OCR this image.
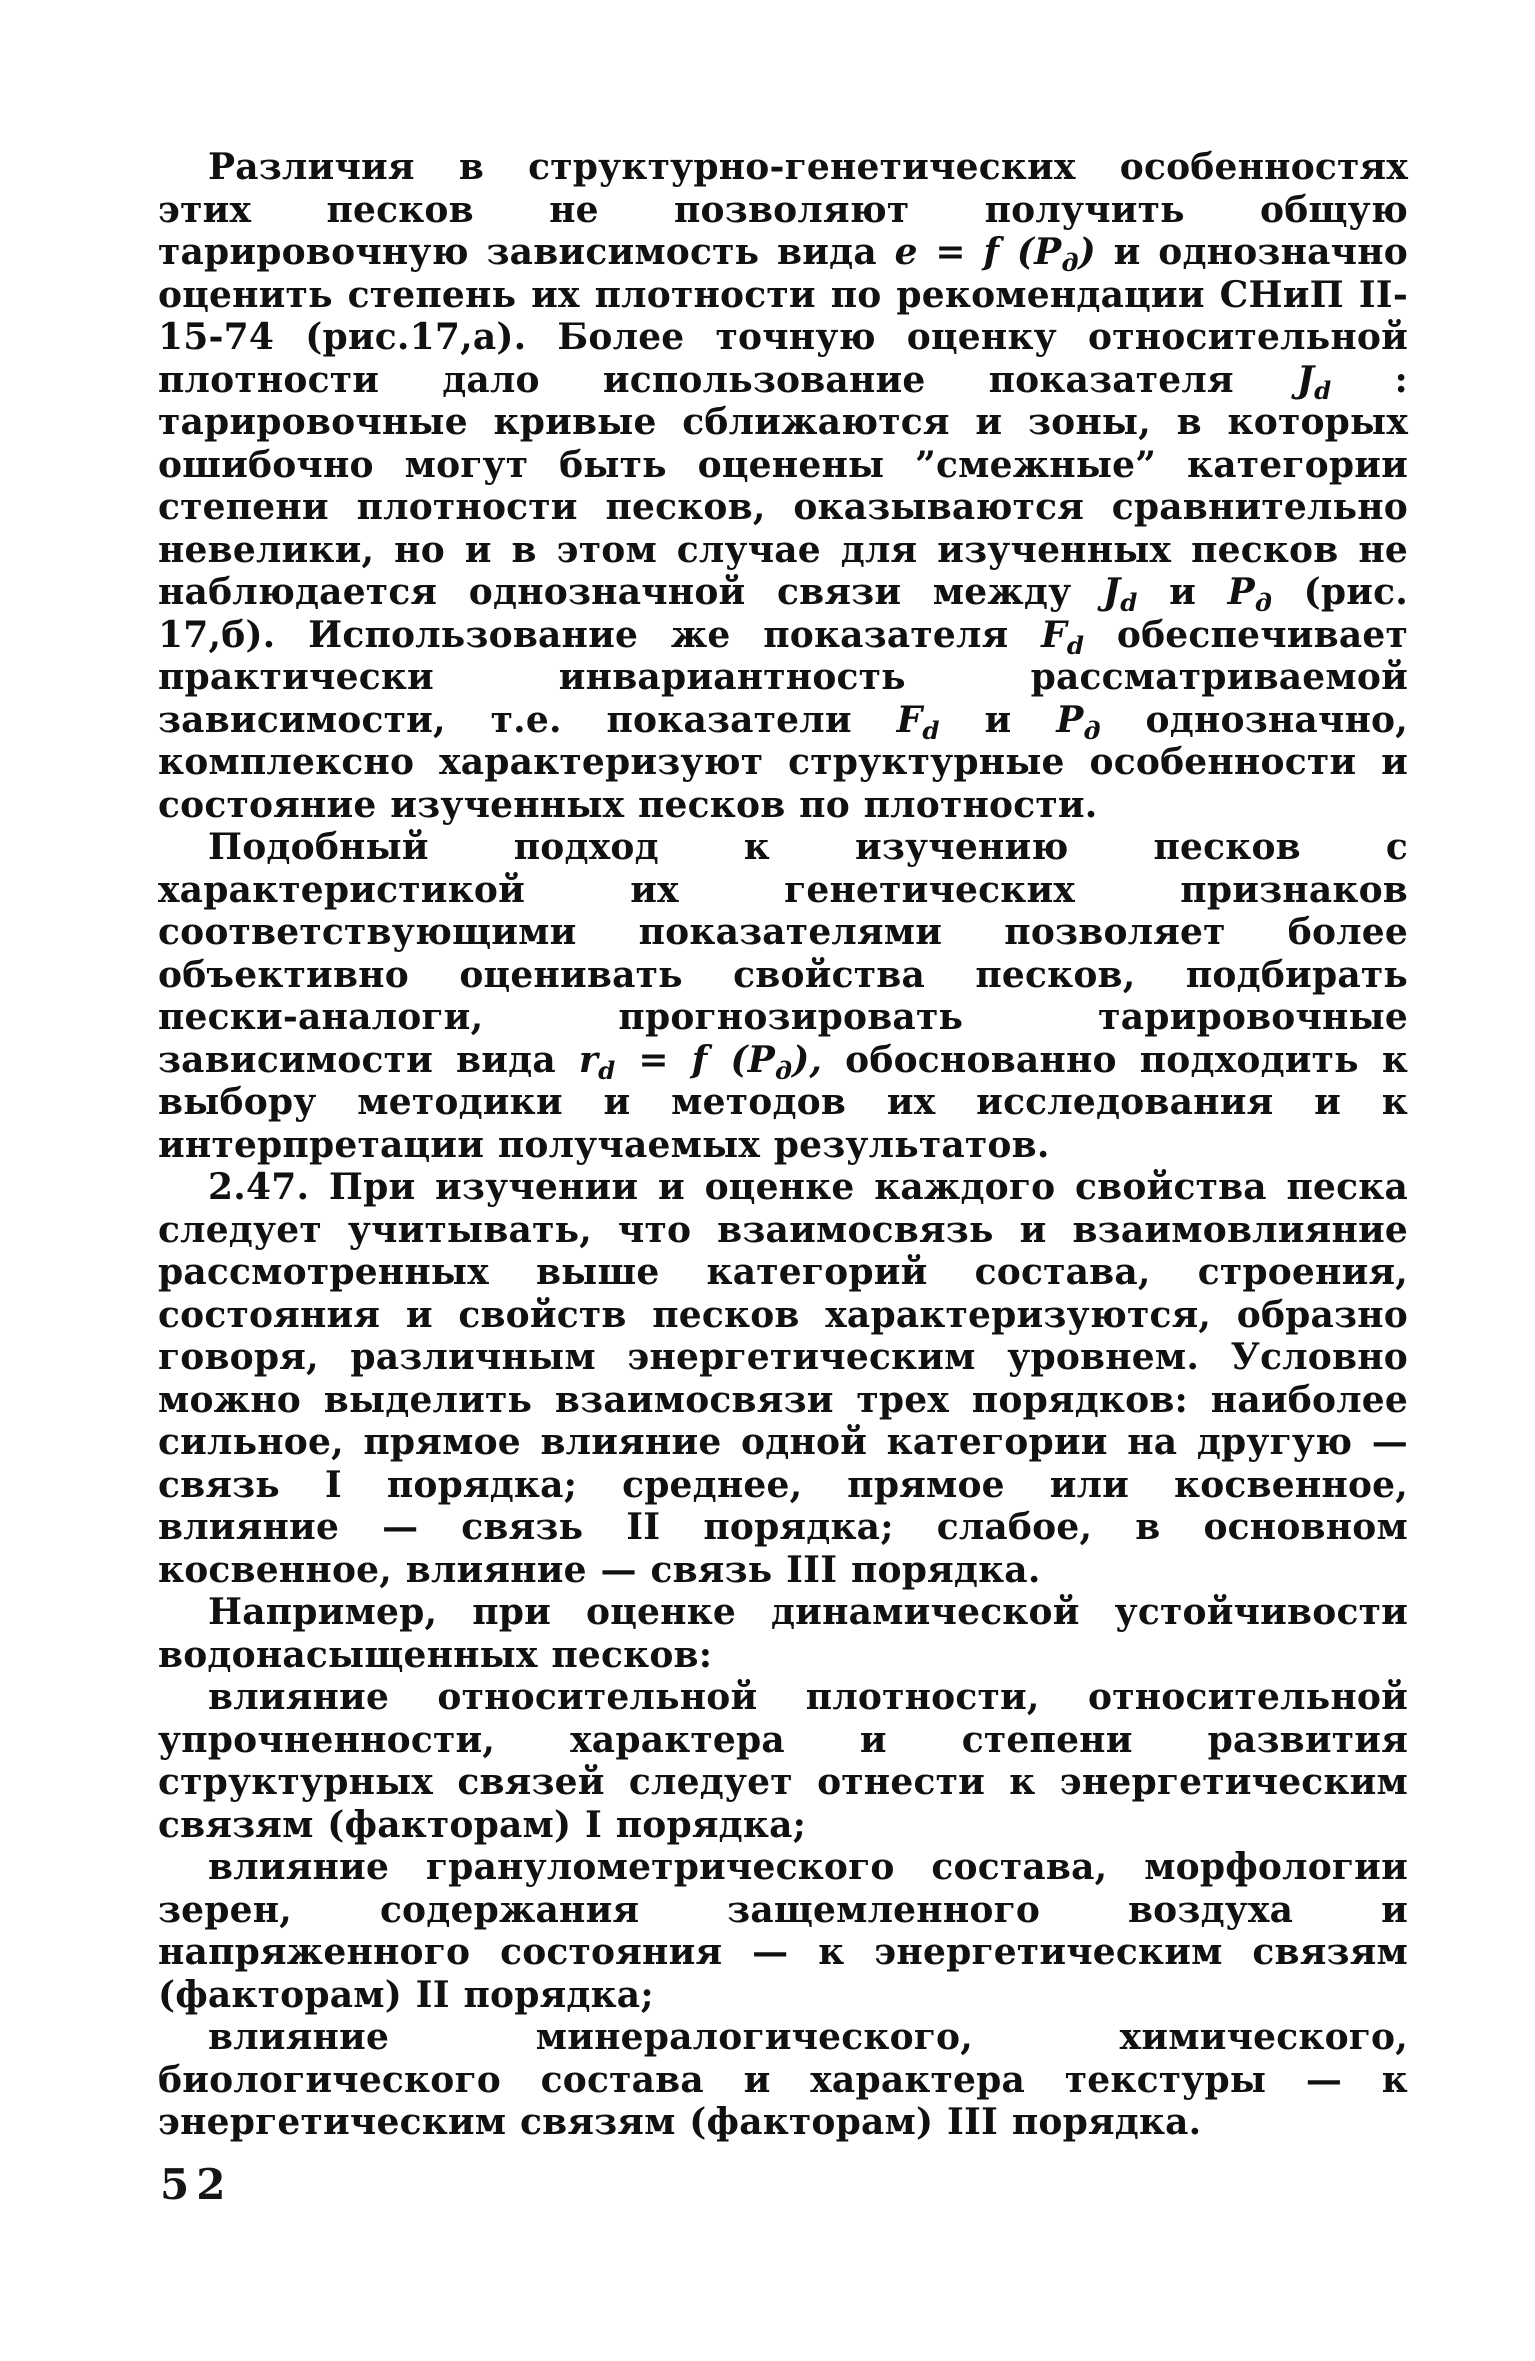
Различия в структурно-генетических особенностях этих песков не позволяют получить общую тарировочную зависимость вида e = f $(P_д)$ и однозначно оценить степень их плотности по рекомендации СНиП II-15-74 (рис.17,а). Более точную оценку относительной плотности дало использование показателя $J_d$ : тарировочные кривые сближаются и зоны, в которых ошибочно могут быть оценены ”смежные” категории степени плотности песков, оказываются сравнительно невелики, но и в этом случае для изученных песков не наблюдается однозначной связи между $J_d$ и $P_д$ (рис. 17,б). Использование же показателя $F_d$ обеспечивает практически инвариантность рассматриваемой зависимости, т.е. показатели $F_d$ и $P_д$ однозначно, комплексно характеризуют структурные особенности и состояние изученных песков по плотности.

Подобный подход к изучению песков с характеристикой их генетических признаков соответствующими показателями позволяет более объективно оценивать свойства песков, подбирать пески-аналоги, прогнозировать тарировочные зависимости вида $r_d = f$ $(P_д)$, обоснованно подходить к выбору методики и методов их исследования и к интерпретации получаемых результатов.

2.47. При изучении и оценке каждого свойства песка следует учитывать, что взаимосвязь и взаимовлияние рассмотренных выше категорий состава, строения, состояния и свойств песков характеризуются, образно говоря, различным энергетическим уровнем. Условно можно выделить взаимосвязи трех порядков: наиболее сильное, прямое влияние одной категории на другую — связь I порядка; среднее, прямое или косвенное, влияние — связь II порядка; слабое, в основном косвенное, влияние — связь III порядка.

Например, при оценке динамической устойчивости водонасыщенных песков:

влияние относительной плотности, относительной упрочненности, характера и степени развития структурных связей следует отнести к энергетическим связям (факторам) I порядка;

влияние гранулометрического состава, морфологии зерен, содержания защемленного воздуха и напряженного состояния — к энергетическим связям (факторам) II порядка;

влияние минералогического, химического, биологического состава и характера текстуры — к энергетическим связям (факторам) III порядка.

52
